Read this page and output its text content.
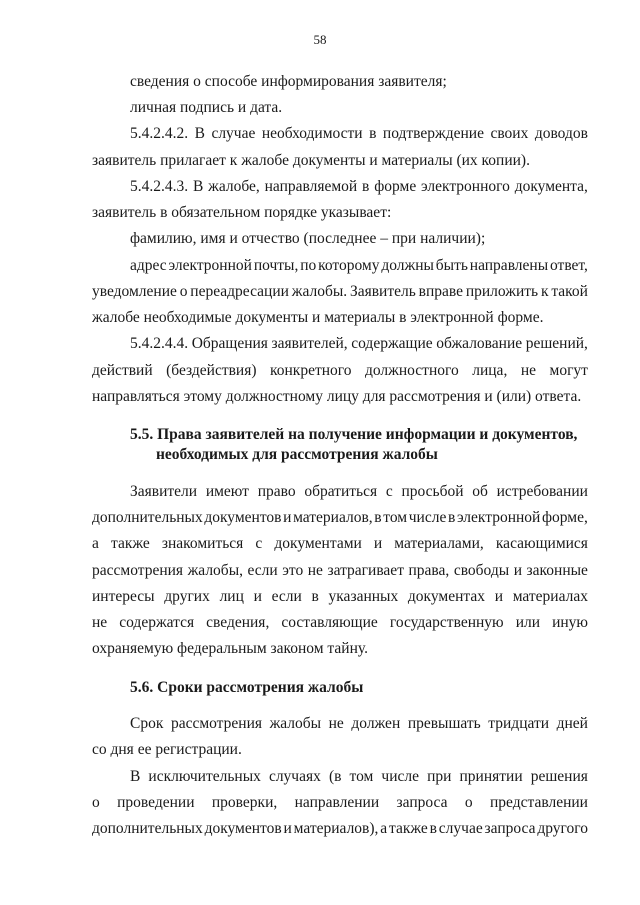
58
сведения о способе информирования заявителя;
личная подпись и дата.
5.4.2.4.2. В случае необходимости в подтверждение своих доводов
заявитель прилагает к жалобе документы и материалы (их копии).
5.4.2.4.3. В жалобе, направляемой в форме электронного документа,
заявитель в обязательном порядке указывает:
фамилию, имя и отчество (последнее – при наличии);
адрес электронной почты, по которому должны быть направлены ответ,
уведомление о переадресации жалобы. Заявитель вправе приложить к такой
жалобе необходимые документы и материалы в электронной форме.
5.4.2.4.4. Обращения заявителей, содержащие обжалование решений,
действий (бездействия) конкретного должностного лица, не могут
направляться этому должностному лицу для рассмотрения и (или) ответа.
5.5. Права заявителей на получение информации и документов,
необходимых для рассмотрения жалобы
Заявители имеют право обратиться с просьбой об истребовании
дополнительных документов и материалов, в том числе в электронной форме,
а также знакомиться с документами и материалами, касающимися
рассмотрения жалобы, если это не затрагивает права, свободы и законные
интересы других лиц и если в указанных документах и материалах
не содержатся сведения, составляющие государственную или иную
охраняемую федеральным законом тайну.
5.6. Сроки рассмотрения жалобы
Срок рассмотрения жалобы не должен превышать тридцати дней
со дня ее регистрации.
В исключительных случаях (в том числе при принятии решения
о проведении проверки, направлении запроса о представлении
дополнительных документов и материалов), а также в случае запроса другого
